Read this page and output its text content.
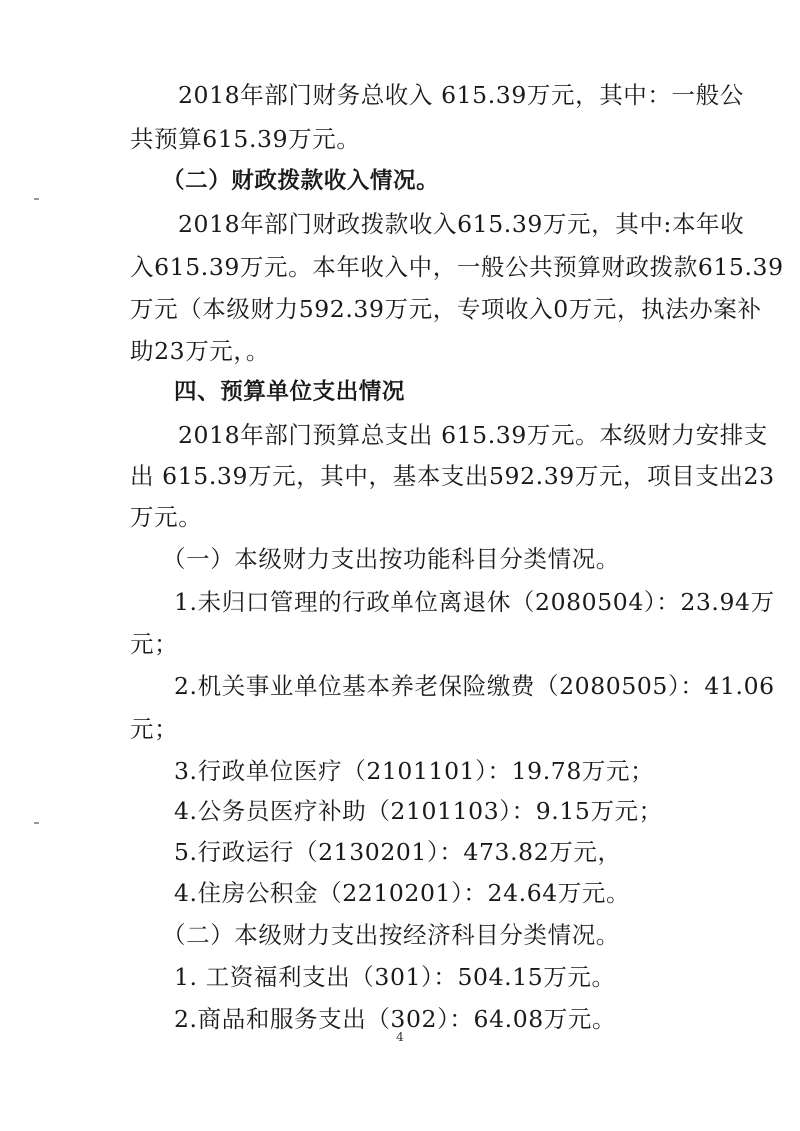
2018年部门财务总收入 615.39万元，其中：一般公
共预算615.39万元。
（二）财政拨款收入情况。
2018年部门财政拨款收入615.39万元，其中:本年收
入615.39万元。本年收入中，一般公共预算财政拨款615.39
万元（本级财力592.39万元，专项收入0万元，执法办案补
助23万元，。
四、预算单位支出情况
2018年部门预算总支出 615.39万元。本级财力安排支
出 615.39万元，其中，基本支出592.39万元，项目支出23
万元。
（一）本级财力支出按功能科目分类情况。
1.未归口管理的行政单位离退休（2080504）：23.94万
元；
2.机关事业单位基本养老保险缴费（2080505）：41.06
元；
3.行政单位医疗（2101101）：19.78万元；
4.公务员医疗补助（2101103）：9.15万元；
5.行政运行（2130201）：473.82万元，
4.住房公积金（2210201）：24.64万元。
（二）本级财力支出按经济科目分类情况。
1. 工资福利支出（301）：504.15万元。
2.商品和服务支出（302）：64.08万元。
4
